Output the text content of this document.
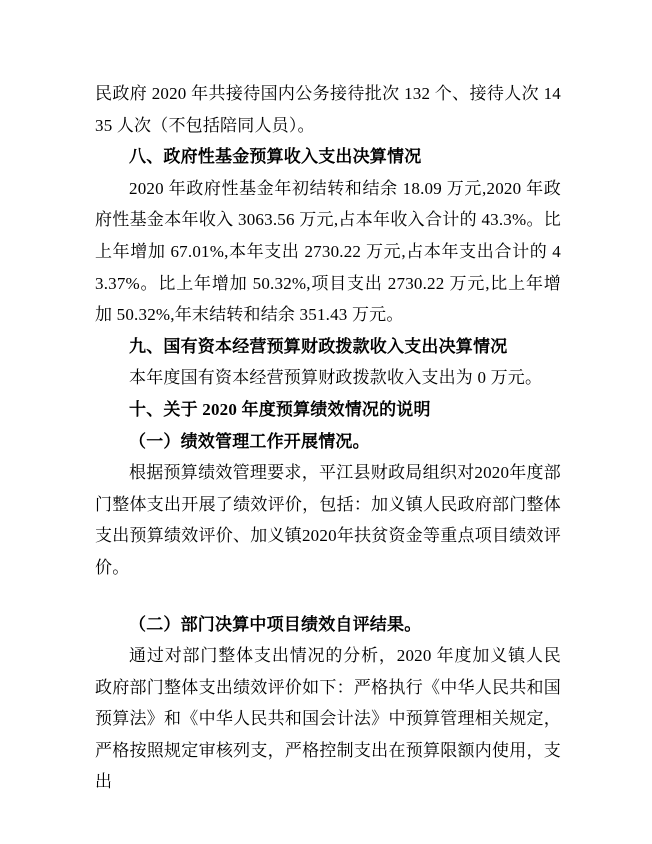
民政府 2020 年共接待国内公务接待批次 132 个、接待人次 1435 人次（不包括陪同人员）。

八、政府性基金预算收入支出决算情况

2020 年政府性基金年初结转和结余 18.09 万元,2020 年政府性基金本年收入 3063.56 万元,占本年收入合计的 43.3%。比上年增加 67.01%,本年支出 2730.22 万元,占本年支出合计的 43.37%。比上年增加 50.32%,项目支出 2730.22 万元,比上年增加 50.32%,年末结转和结余 351.43 万元。

九、国有资本经营预算财政拨款收入支出决算情况

本年度国有资本经营预算财政拨款收入支出为 0 万元。

十、关于 2020 年度预算绩效情况的说明

（一）绩效管理工作开展情况。

根据预算绩效管理要求，平江县财政局组织对2020年度部门整体支出开展了绩效评价，包括：加义镇人民政府部门整体支出预算绩效评价、加义镇2020年扶贫资金等重点项目绩效评价。

（二）部门决算中项目绩效自评结果。

通过对部门整体支出情况的分析，2020 年度加义镇人民政府部门整体支出绩效评价如下：严格执行《中华人民共和国预算法》和《中华人民共和国会计法》中预算管理相关规定，严格按照规定审核列支，严格控制支出在预算限额内使用，支出
